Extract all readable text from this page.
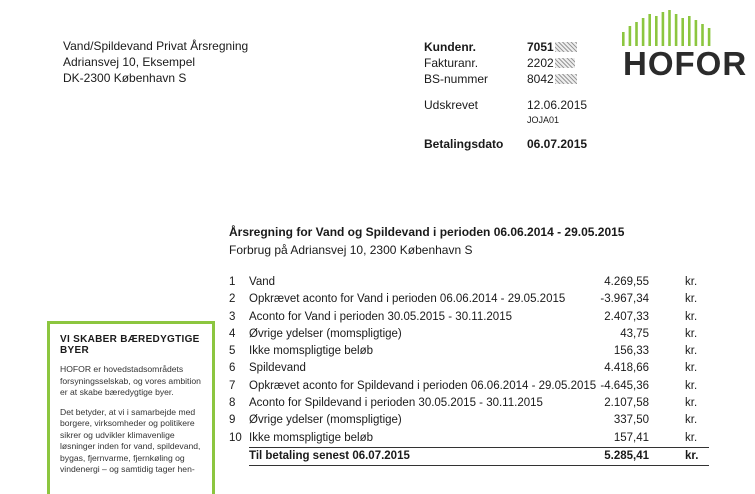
Vand/Spildevand Privat Årsregning
Adriansvej 10, Eksempel
DK-2300 København S
Kundenr.	7051
Fakturanr.	2202
BS-nummer	8042
Udskrevet	12.06.2015
JOJA01
Betalingsdato 06.07.2015
HOFOR
Årsregning for Vand og Spildevand i perioden 06.06.2014 - 29.05.2015
Forbrug på Adriansvej 10, 2300 København S
1	Vand	4.269,55	kr.
2	Opkrævet aconto for Vand i perioden 06.06.2014 - 29.05.2015	-3.967,34	kr.
3	Aconto for Vand i perioden 30.05.2015 - 30.11.2015	2.407,33	kr.
4	Øvrige ydelser (momspligtige)	43,75	kr.
5	Ikke momspligtige beløb	156,33	kr.
6	Spildevand	4.418,66	kr.
7	Opkrævet aconto for Spildevand i perioden 06.06.2014 - 29.05.2015 -4.645,36	kr.
8	Aconto for Spildevand i perioden 30.05.2015 - 30.11.2015	2.107,58	kr.
9	Øvrige ydelser (momspligtige)	337,50	kr.
10 Ikke momspligtige beløb	157,41	kr.
Til betaling senest 06.07.2015	5.285,41	kr.
VI SKABER BÆREDYGTIGE BYER

HOFOR er hovedstadsområdets forsyningsselskab, og vores ambition er at skabe bæredygtige byer.

Det betyder, at vi i samarbejde med borgere, virksomheder og politikere sikrer og udvikler klimavenlige løsninger inden for vand, spildevand, bygas, fjernvarme, fjernkøling og vindenergi – og samtidig tager hen-
